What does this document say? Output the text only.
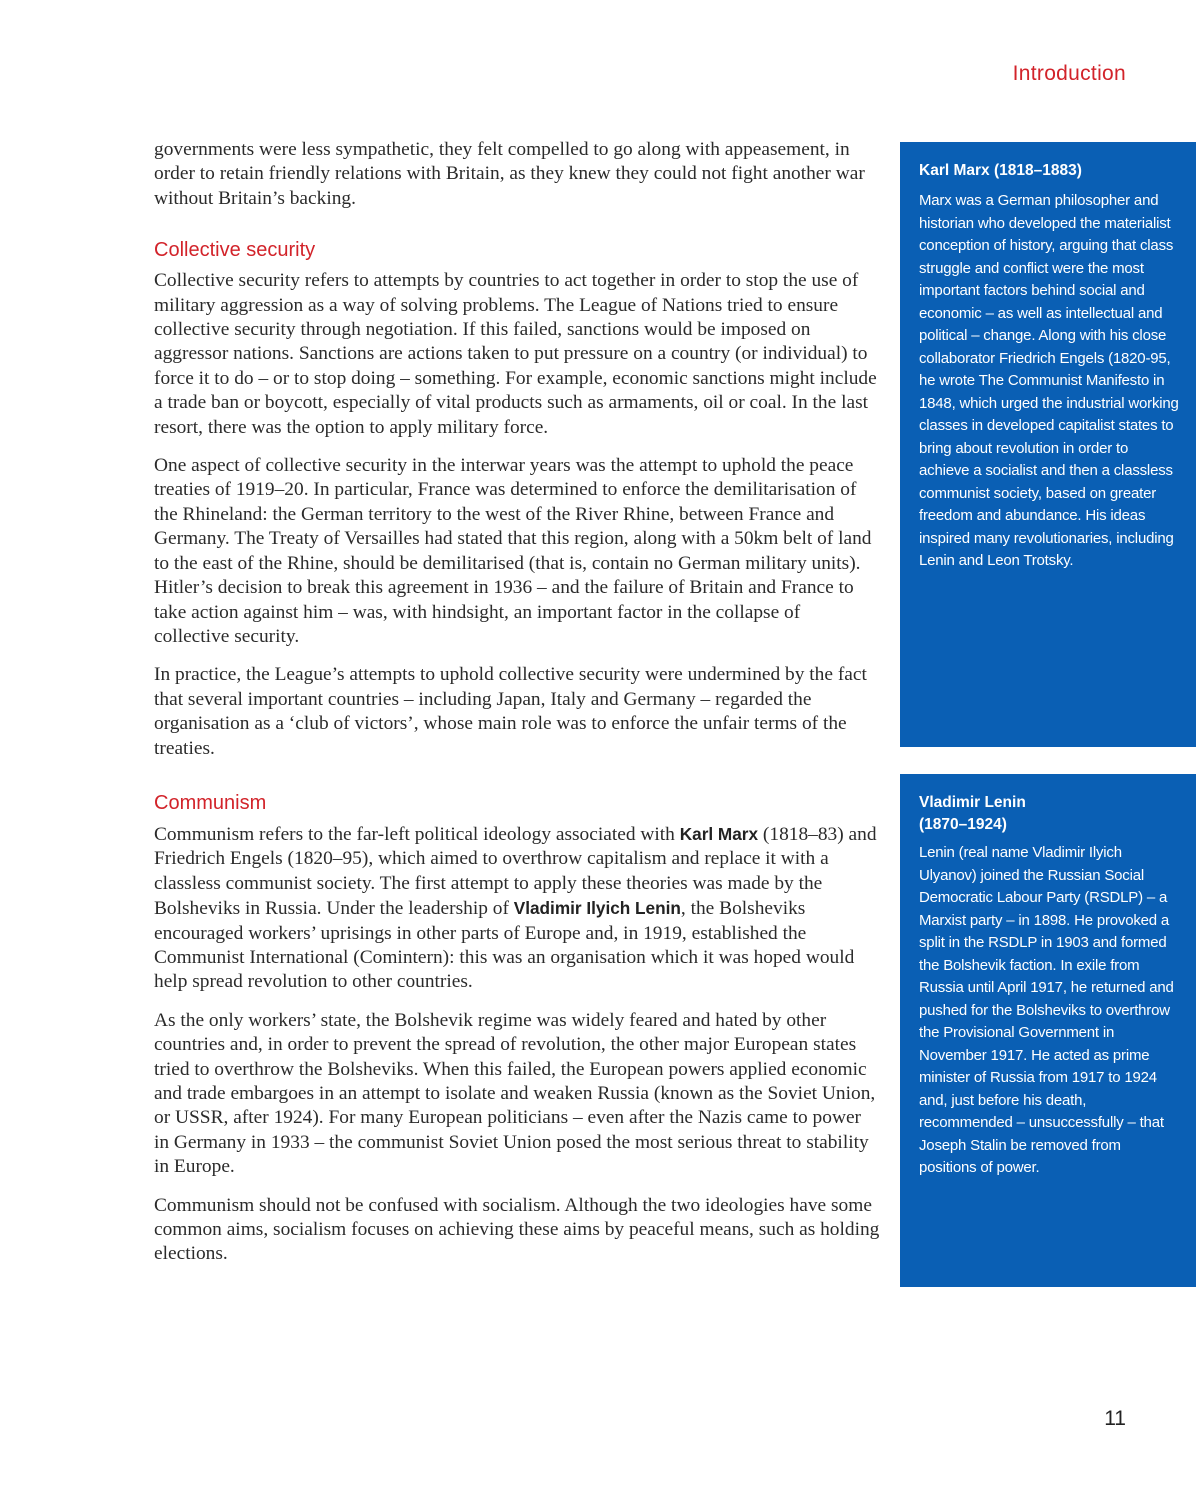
Introduction

governments were less sympathetic, they felt compelled to go along with appeasement, in order to retain friendly relations with Britain, as they knew they could not fight another war without Britain’s backing.

Collective security

Collective security refers to attempts by countries to act together in order to stop the use of military aggression as a way of solving problems. The League of Nations tried to ensure collective security through negotiation. If this failed, sanctions would be imposed on aggressor nations. Sanctions are actions taken to put pressure on a country (or individual) to force it to do – or to stop doing – something. For example, economic sanctions might include a trade ban or boycott, especially of vital products such as armaments, oil or coal. In the last resort, there was the option to apply military force.

One aspect of collective security in the interwar years was the attempt to uphold the peace treaties of 1919–20. In particular, France was determined to enforce the demilitarisation of the Rhineland: the German territory to the west of the River Rhine, between France and Germany. The Treaty of Versailles had stated that this region, along with a 50km belt of land to the east of the Rhine, should be demilitarised (that is, contain no German military units). Hitler’s decision to break this agreement in 1936 – and the failure of Britain and France to take action against him – was, with hindsight, an important factor in the collapse of collective security.

In practice, the League’s attempts to uphold collective security were undermined by the fact that several important countries – including Japan, Italy and Germany – regarded the organisation as a ‘club of victors’, whose main role was to enforce the unfair terms of the treaties.

Communism

Communism refers to the far-left political ideology associated with Karl Marx (1818–83) and Friedrich Engels (1820–95), which aimed to overthrow capitalism and replace it with a classless communist society. The first attempt to apply these theories was made by the Bolsheviks in Russia. Under the leadership of Vladimir Ilyich Lenin, the Bolsheviks encouraged workers’ uprisings in other parts of Europe and, in 1919, established the Communist International (Comintern): this was an organisation which it was hoped would help spread revolution to other countries.

As the only workers’ state, the Bolshevik regime was widely feared and hated by other countries and, in order to prevent the spread of revolution, the other major European states tried to overthrow the Bolsheviks. When this failed, the European powers applied economic and trade embargoes in an attempt to isolate and weaken Russia (known as the Soviet Union, or USSR, after 1924). For many European politicians – even after the Nazis came to power in Germany in 1933 – the communist Soviet Union posed the most serious threat to stability in Europe.

Communism should not be confused with socialism. Although the two ideologies have some common aims, socialism focuses on achieving these aims by peaceful means, such as holding elections.

Karl Marx (1818–1883)

Marx was a German philosopher and historian who developed the materialist conception of history, arguing that class struggle and conflict were the most important factors behind social and economic – as well as intellectual and political – change. Along with his close collaborator Friedrich Engels (1820-95, he wrote The Communist Manifesto in 1848, which urged the industrial working classes in developed capitalist states to bring about revolution in order to achieve a socialist and then a classless communist society, based on greater freedom and abundance. His ideas inspired many revolutionaries, including Lenin and Leon Trotsky.

Vladimir Lenin
(1870–1924)

Lenin (real name Vladimir Ilyich Ulyanov) joined the Russian Social Democratic Labour Party (RSDLP) – a Marxist party – in 1898. He provoked a split in the RSDLP in 1903 and formed the Bolshevik faction. In exile from Russia until April 1917, he returned and pushed for the Bolsheviks to overthrow the Provisional Government in November 1917. He acted as prime minister of Russia from 1917 to 1924 and, just before his death, recommended – unsuccessfully – that Joseph Stalin be removed from positions of power.

11
